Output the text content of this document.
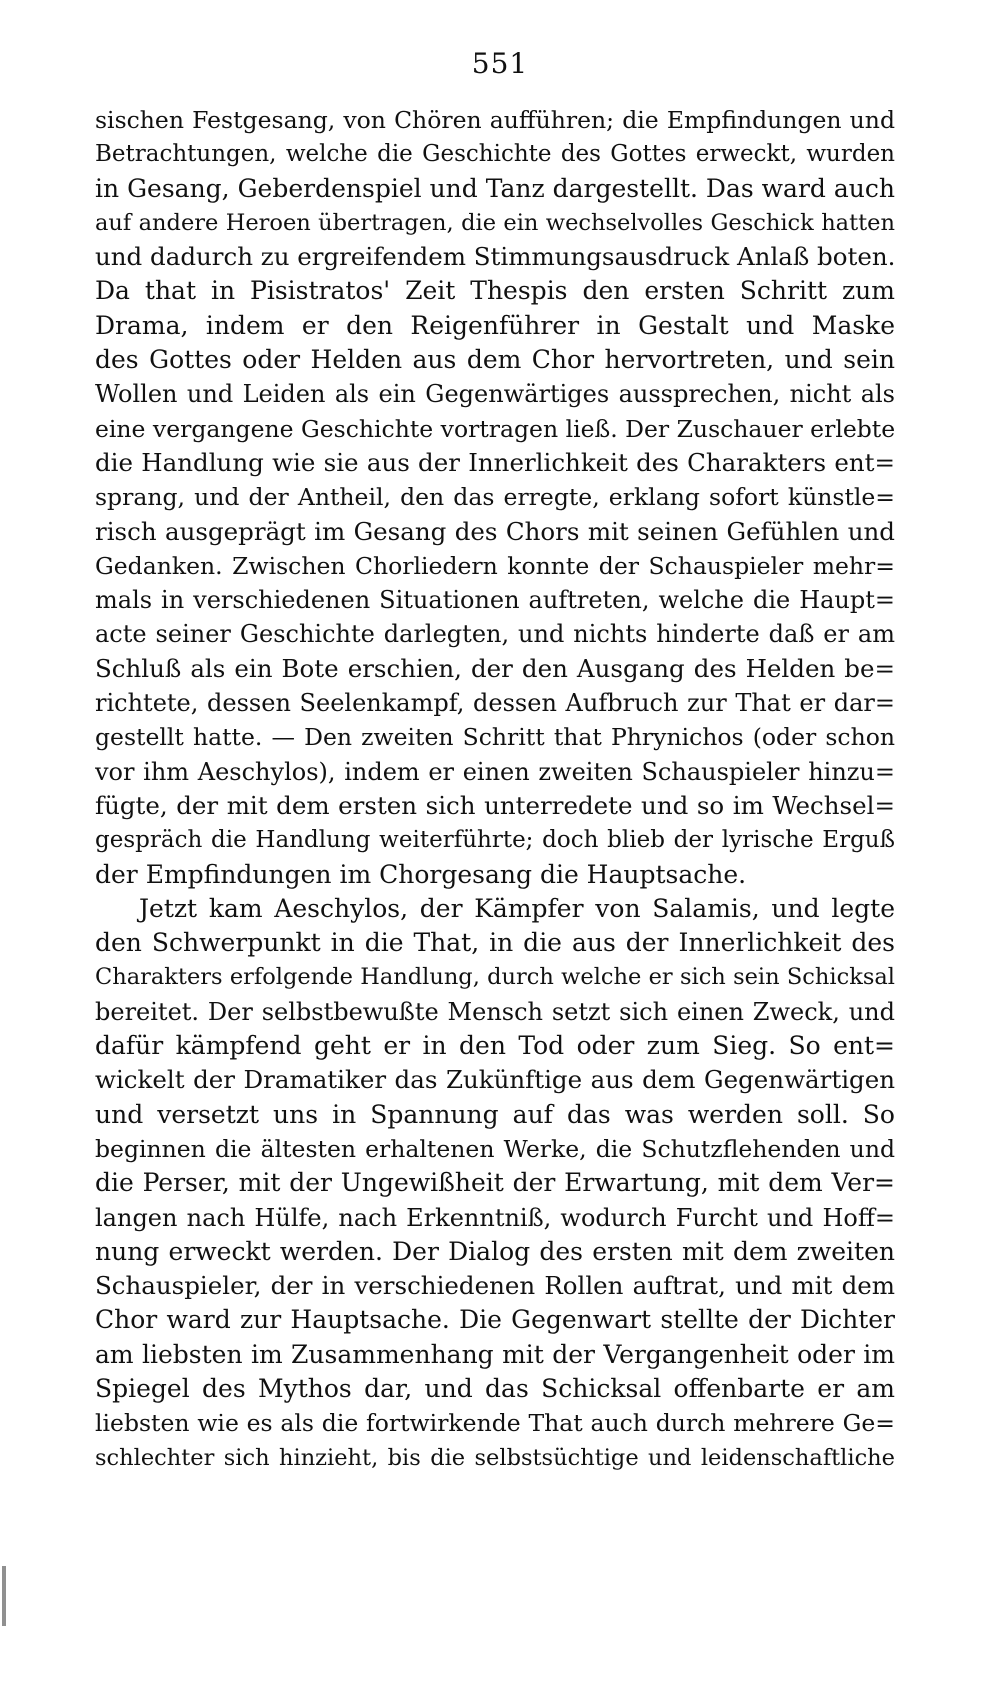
551
sischen Festgesang, von Chören aufführen; die Empfindungen und
Betrachtungen, welche die Geschichte des Gottes erweckt, wurden
in Gesang, Geberdenspiel und Tanz dargestellt. Das ward auch
auf andere Heroen übertragen, die ein wechselvolles Geschick hatten
und dadurch zu ergreifendem Stimmungsausdruck Anlaß boten.
Da that in Pisistratos' Zeit Thespis den ersten Schritt zum
Drama, indem er den Reigenführer in Gestalt und Maske
des Gottes oder Helden aus dem Chor hervortreten, und sein
Wollen und Leiden als ein Gegenwärtiges aussprechen, nicht als
eine vergangene Geschichte vortragen ließ. Der Zuschauer erlebte
die Handlung wie sie aus der Innerlichkeit des Charakters ent=
sprang, und der Antheil, den das erregte, erklang sofort künstle=
risch ausgeprägt im Gesang des Chors mit seinen Gefühlen und
Gedanken. Zwischen Chorliedern konnte der Schauspieler mehr=
mals in verschiedenen Situationen auftreten, welche die Haupt=
acte seiner Geschichte darlegten, und nichts hinderte daß er am
Schluß als ein Bote erschien, der den Ausgang des Helden be=
richtete, dessen Seelenkampf, dessen Aufbruch zur That er dar=
gestellt hatte. — Den zweiten Schritt that Phrynichos (oder schon
vor ihm Aeschylos), indem er einen zweiten Schauspieler hinzu=
fügte, der mit dem ersten sich unterredete und so im Wechsel=
gespräch die Handlung weiterführte; doch blieb der lyrische Erguß
der Empfindungen im Chorgesang die Hauptsache.
Jetzt kam Aeschylos, der Kämpfer von Salamis, und legte
den Schwerpunkt in die That, in die aus der Innerlichkeit des
Charakters erfolgende Handlung, durch welche er sich sein Schicksal
bereitet. Der selbstbewußte Mensch setzt sich einen Zweck, und
dafür kämpfend geht er in den Tod oder zum Sieg. So ent=
wickelt der Dramatiker das Zukünftige aus dem Gegenwärtigen
und versetzt uns in Spannung auf das was werden soll. So
beginnen die ältesten erhaltenen Werke, die Schutzflehenden und
die Perser, mit der Ungewißheit der Erwartung, mit dem Ver=
langen nach Hülfe, nach Erkenntniß, wodurch Furcht und Hoff=
nung erweckt werden. Der Dialog des ersten mit dem zweiten
Schauspieler, der in verschiedenen Rollen auftrat, und mit dem
Chor ward zur Hauptsache. Die Gegenwart stellte der Dichter
am liebsten im Zusammenhang mit der Vergangenheit oder im
Spiegel des Mythos dar, und das Schicksal offenbarte er am
liebsten wie es als die fortwirkende That auch durch mehrere Ge=
schlechter sich hinzieht, bis die selbstsüchtige und leidenschaftliche
